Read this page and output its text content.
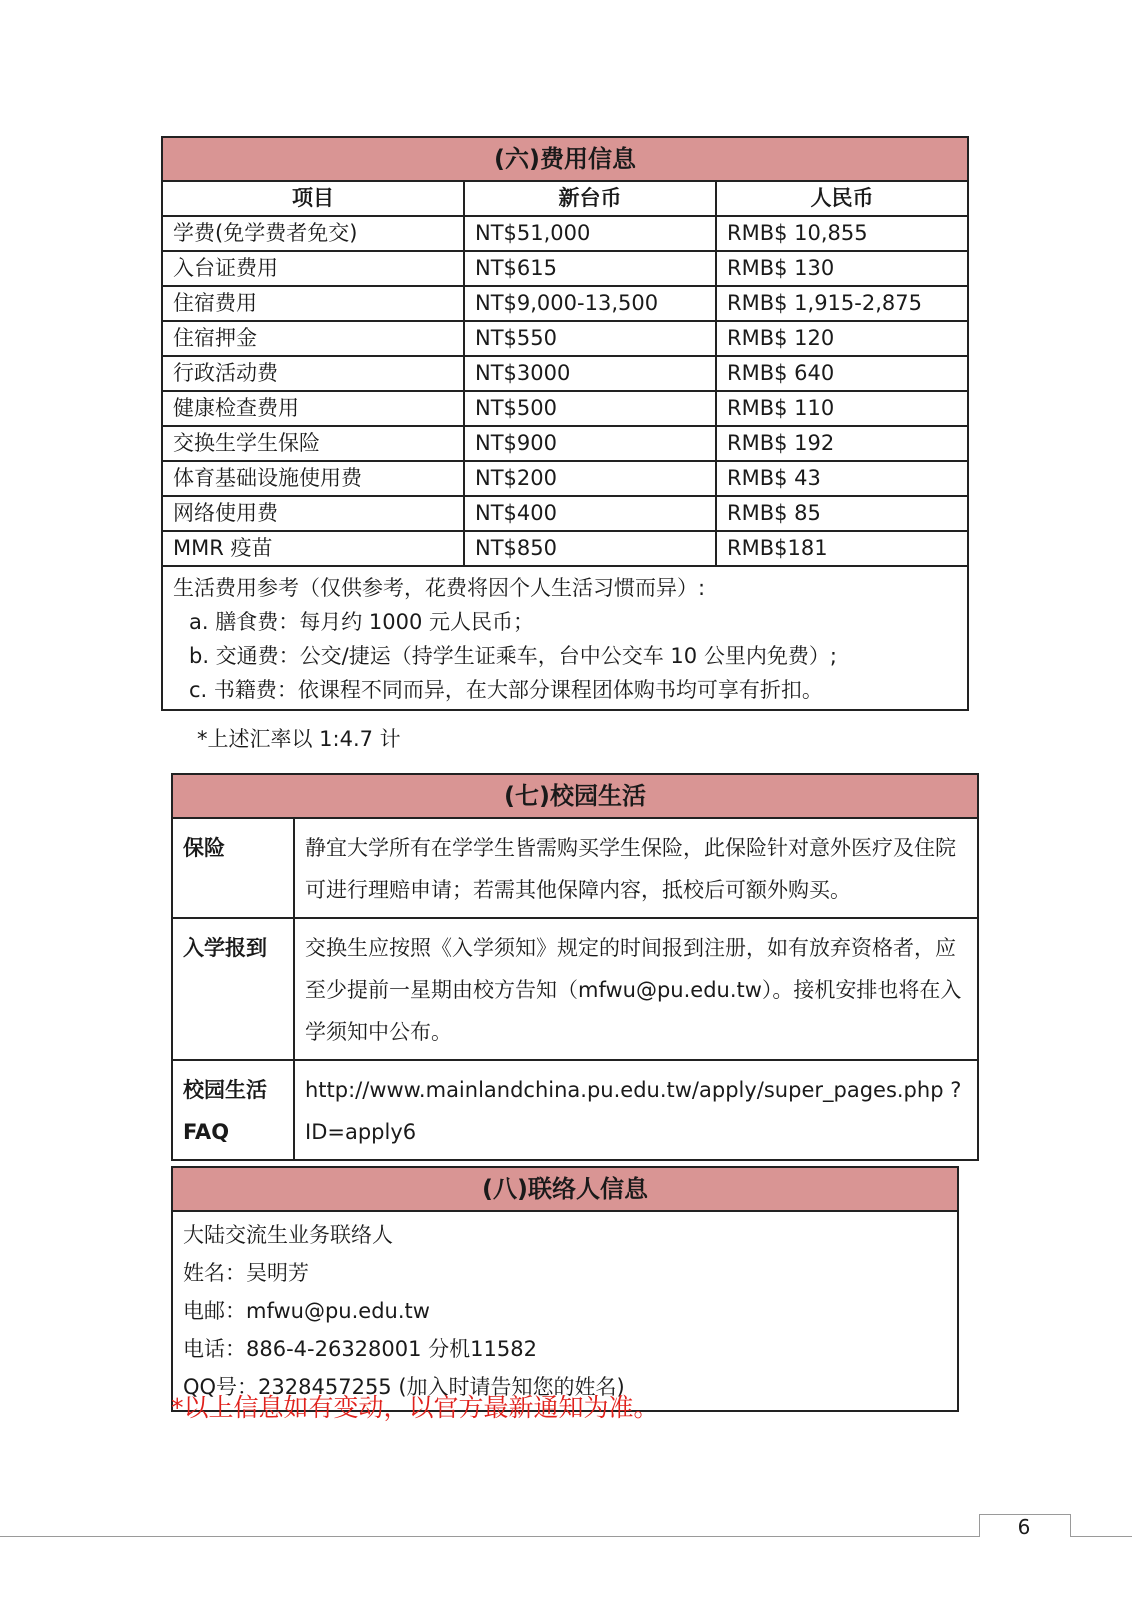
(六)费用信息		
项目	新台币	人民币
学费(免学费者免交)	NT$51,000	RMB$ 10,855
入台证费用	NT$615	RMB$ 130
住宿费用	NT$9,000-13,500	RMB$ 1,915-2,875
住宿押金	NT$550	RMB$ 120
行政活动费	NT$3000	RMB$ 640
健康检查费用	NT$500	RMB$ 110
交换生学生保险	NT$900	RMB$ 192
体育基础设施使用费	NT$200	RMB$ 43
网络使用费	NT$400	RMB$ 85
MMR 疫苗	NT$850	RMB$181

生活费用参考（仅供参考，花费将因个人生活习惯而异）:
a. 膳食费：每月约 1000 元人民币；
b. 交通费：公交/捷运（持学生证乘车，台中公交车 10 公里内免费）;
c. 书籍费：依课程不同而异，在大部分课程团体购书均可享有折扣。		
*上述汇率以 1:4.7 计
(七)校园生活	
保险	静宜大学所有在学学生皆需购买学生保险，此保险针对意外医疗及住院可进行理赔申请；若需其他保障内容，抵校后可额外购买。
入学报到	交换生应按照《入学须知》规定的时间报到注册，如有放弃资格者，应至少提前一星期由校方告知（mfwu@pu.edu.tw）。接机安排也将在入学须知中公布。
校园生活 FAQ	http://www.mainlandchina.pu.edu.tw/apply/super_pages.php ?ID=apply6
(八)联络人信息

大陆交流生业务联络人
姓名：吴明芳
电邮：mfwu@pu.edu.tw
电话：886-4-26328001 分机11582
QQ号：2328457255 (加入时请告知您的姓名)
*以上信息如有变动，以官方最新通知为准。
6
